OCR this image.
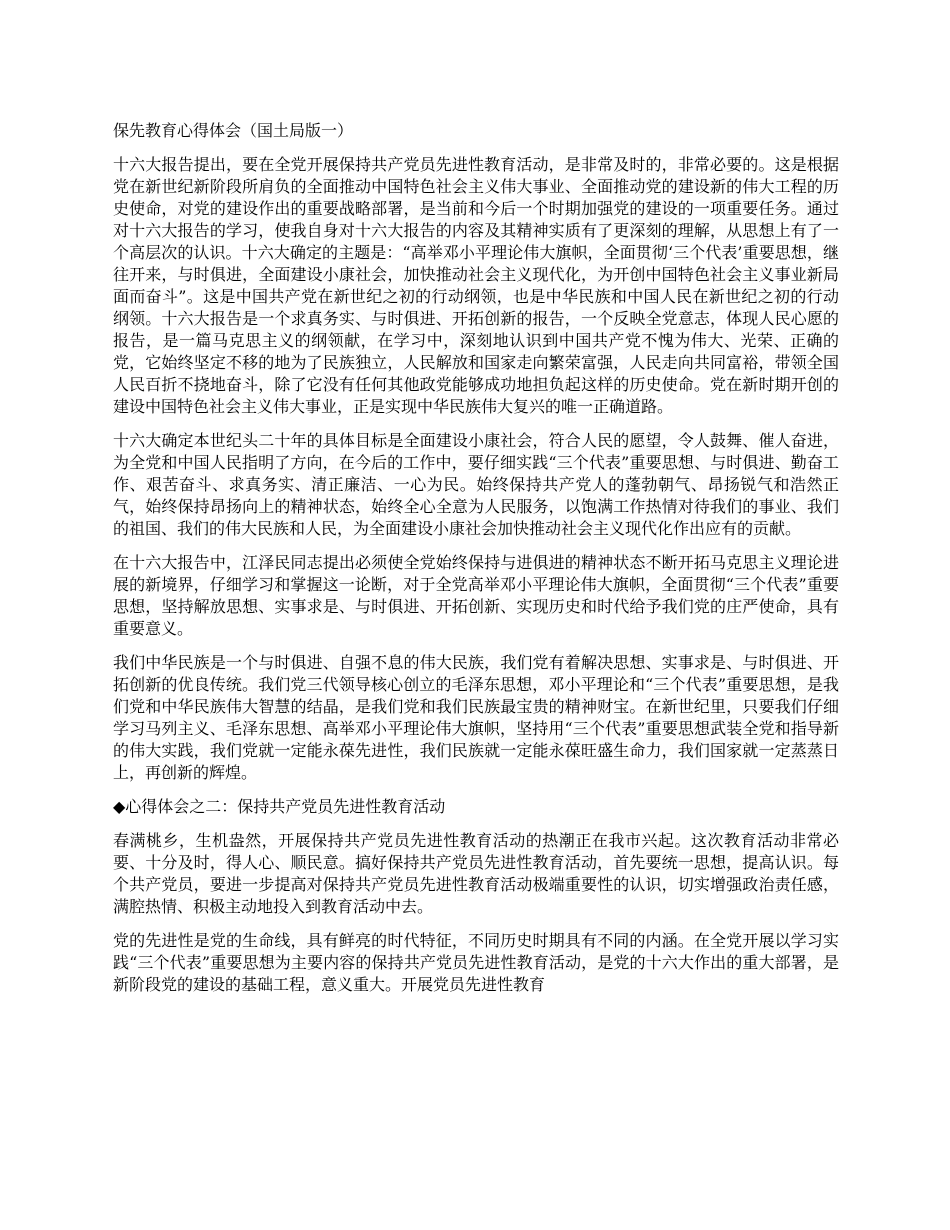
保先教育心得体会（国土局版一）

十六大报告提出，要在全党开展保持共产党员先进性教育活动，是非常及时的，非常必要的。这是根据党在新世纪新阶段所肩负的全面推动中国特色社会主义伟大事业、全面推动党的建设新的伟大工程的历史使命，对党的建设作出的重要战略部署，是当前和今后一个时期加强党的建设的一项重要任务。通过对十六大报告的学习，使我自身对十六大报告的内容及其精神实质有了更深刻的理解，从思想上有了一个高层次的认识。十六大确定的主题是：“高举邓小平理论伟大旗帜，全面贯彻‘三个代表’重要思想，继往开来，与时俱进，全面建设小康社会，加快推动社会主义现代化，为开创中国特色社会主义事业新局面而奋斗”。这是中国共产党在新世纪之初的行动纲领，也是中华民族和中国人民在新世纪之初的行动纲领。十六大报告是一个求真务实、与时俱进、开拓创新的报告，一个反映全党意志，体现人民心愿的报告，是一篇马克思主义的纲领献，在学习中，深刻地认识到中国共产党不愧为伟大、光荣、正确的党，它始终坚定不移的地为了民族独立，人民解放和国家走向繁荣富强，人民走向共同富裕，带领全国人民百折不挠地奋斗，除了它没有任何其他政党能够成功地担负起这样的历史使命。党在新时期开创的建设中国特色社会主义伟大事业，正是实现中华民族伟大复兴的唯一正确道路。

十六大确定本世纪头二十年的具体目标是全面建设小康社会，符合人民的愿望，令人鼓舞、催人奋进，为全党和中国人民指明了方向，在今后的工作中，要仔细实践“三个代表”重要思想、与时俱进、勤奋工作、艰苦奋斗、求真务实、清正廉洁、一心为民。始终保持共产党人的蓬勃朝气、昂扬锐气和浩然正气，始终保持昂扬向上的精神状态，始终全心全意为人民服务，以饱满工作热情对待我们的事业、我们的祖国、我们的伟大民族和人民，为全面建设小康社会加快推动社会主义现代化作出应有的贡献。

在十六大报告中，江泽民同志提出必须使全党始终保持与进俱进的精神状态不断开拓马克思主义理论进展的新境界，仔细学习和掌握这一论断，对于全党高举邓小平理论伟大旗帜，全面贯彻“三个代表”重要思想，坚持解放思想、实事求是、与时俱进、开拓创新、实现历史和时代给予我们党的庄严使命，具有重要意义。

我们中华民族是一个与时俱进、自强不息的伟大民族，我们党有着解决思想、实事求是、与时俱进、开拓创新的优良传统。我们党三代领导核心创立的毛泽东思想，邓小平理论和“三个代表”重要思想，是我们党和中华民族伟大智慧的结晶，是我们党和我们民族最宝贵的精神财宝。在新世纪里，只要我们仔细学习马列主义、毛泽东思想、高举邓小平理论伟大旗帜，坚持用“三个代表”重要思想武装全党和指导新的伟大实践，我们党就一定能永葆先进性，我们民族就一定能永葆旺盛生命力，我们国家就一定蒸蒸日上，再创新的辉煌。

◆心得体会之二：保持共产党员先进性教育活动

春满桃乡，生机盎然，开展保持共产党员先进性教育活动的热潮正在我市兴起。这次教育活动非常必要、十分及时，得人心、顺民意。搞好保持共产党员先进性教育活动，首先要统一思想，提高认识。每个共产党员，要进一步提高对保持共产党员先进性教育活动极端重要性的认识，切实增强政治责任感，满腔热情、积极主动地投入到教育活动中去。

党的先进性是党的生命线，具有鲜亮的时代特征，不同历史时期具有不同的内涵。在全党开展以学习实践“三个代表”重要思想为主要内容的保持共产党员先进性教育活动，是党的十六大作出的重大部署，是新阶段党的建设的基础工程，意义重大。开展党员先进性教育
